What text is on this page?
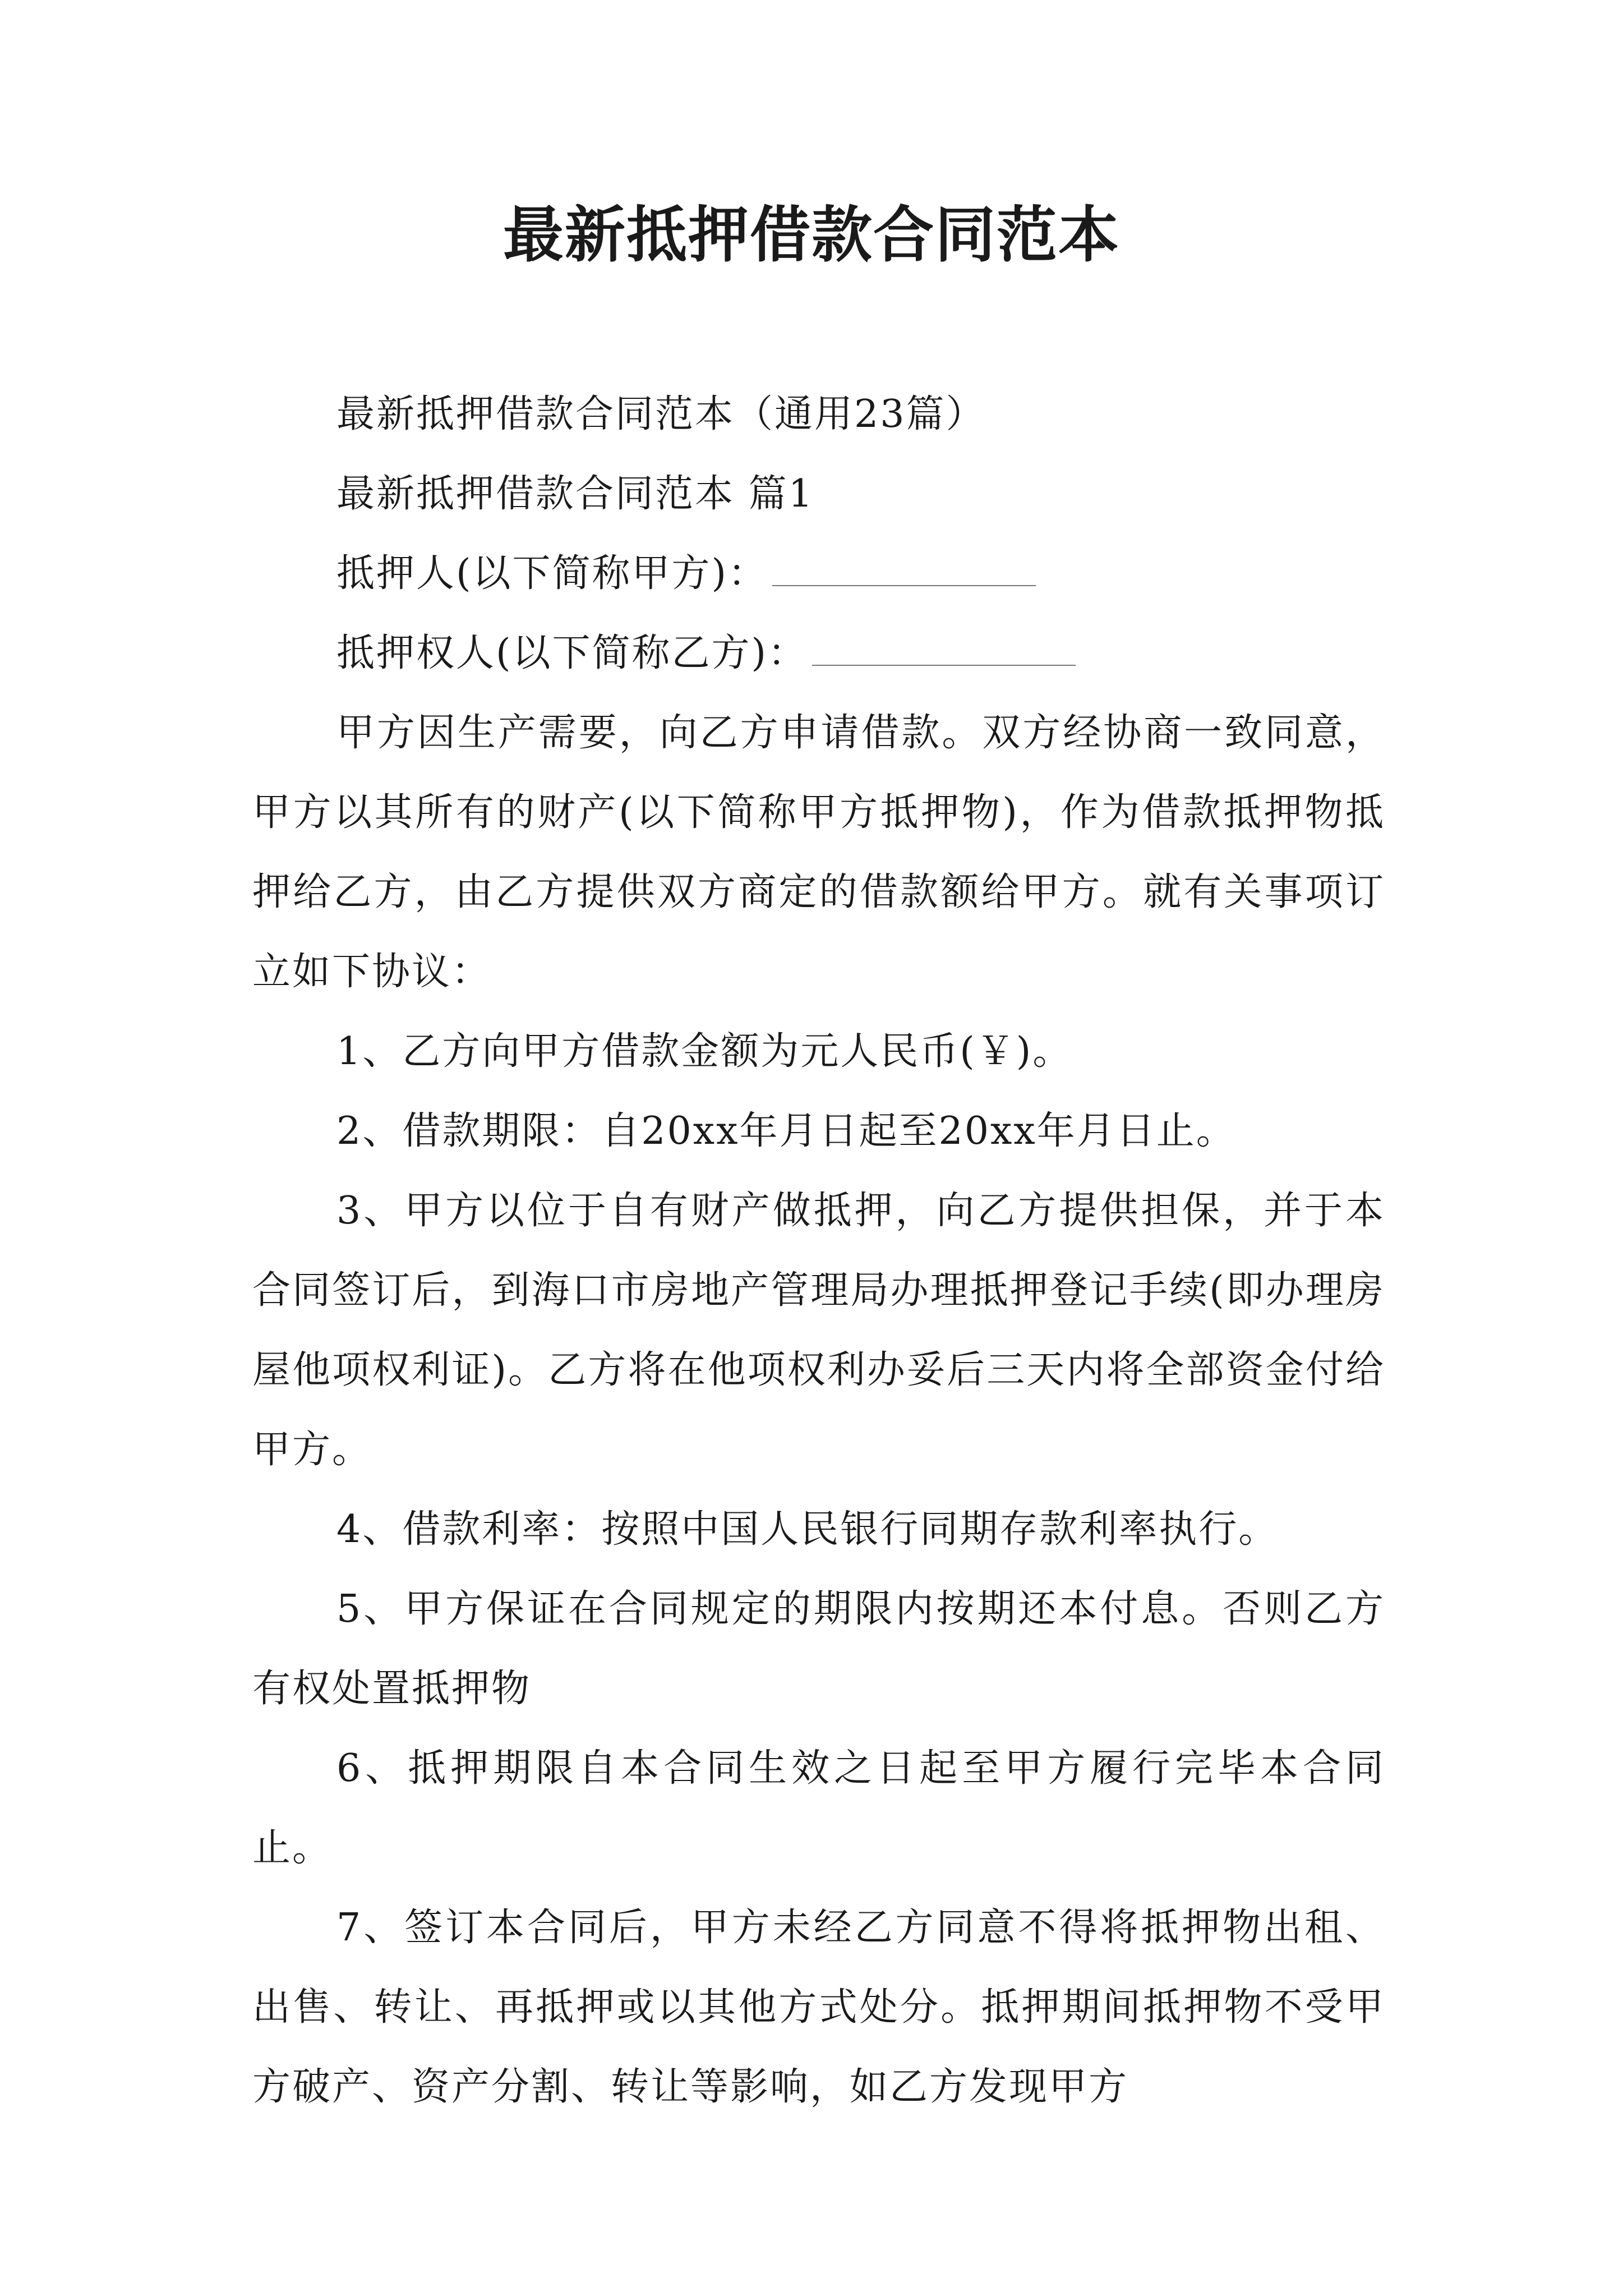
最新抵押借款合同范本

最新抵押借款合同范本（通用23篇）

最新抵押借款合同范本 篇1

抵押人(以下简称甲方)：

抵押权人(以下简称乙方)：

甲方因生产需要，向乙方申请借款。双方经协商一致同意，甲方以其所有的财产(以下简称甲方抵押物)，作为借款抵押物抵押给乙方，由乙方提供双方商定的借款额给甲方。就有关事项订立如下协议：

1、乙方向甲方借款金额为元人民币(￥)。

2、借款期限：自20xx年月日起至20xx年月日止。

3、甲方以位于自有财产做抵押，向乙方提供担保，并于本合同签订后，到海口市房地产管理局办理抵押登记手续(即办理房屋他项权利证)。乙方将在他项权利办妥后三天内将全部资金付给甲方。

4、借款利率：按照中国人民银行同期存款利率执行。

5、甲方保证在合同规定的期限内按期还本付息。否则乙方有权处置抵押物

6、抵押期限自本合同生效之日起至甲方履行完毕本合同止。

7、签订本合同后，甲方未经乙方同意不得将抵押物出租、出售、转让、再抵押或以其他方式处分。抵押期间抵押物不受甲方破产、资产分割、转让等影响，如乙方发现甲方
